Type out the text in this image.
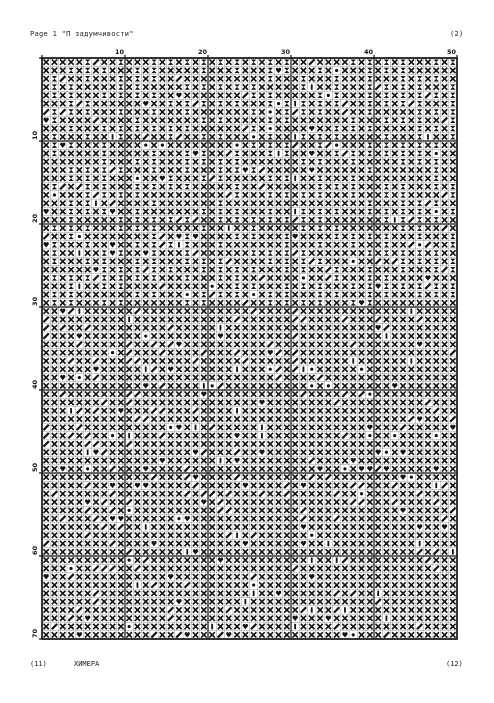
Page 1 "П задумчивости"	(2)
10	20	30	40	50
10
20
30
40
50
60
70
(11)	ХИМЕРА	(12)
